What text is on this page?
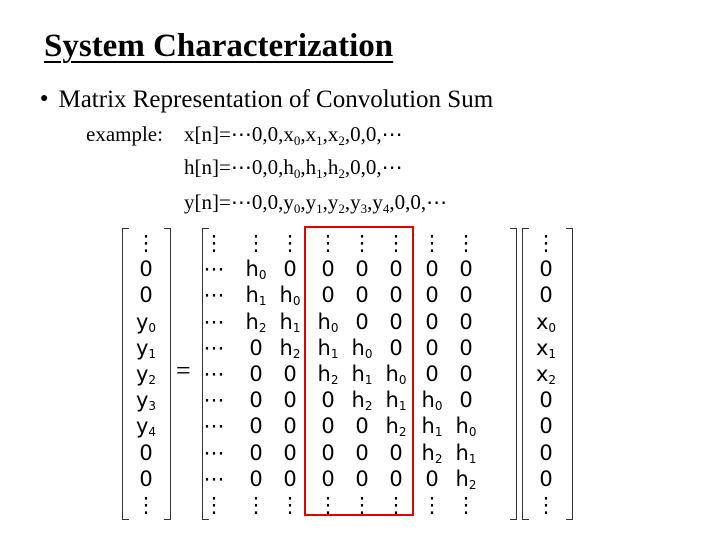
System Characterization
● Matrix Representation of Convolution Sum
example: $x[n]=\cdots 0,0,x_0,x_1,x_2,0,0,\cdots$
$h[n]=\cdots 0,0,h_0,h_1,h_2,0,0,\cdots$
$y[n]=\cdots 0,0,y_0,y_1,y_2,y_3,y_4,0,0,\cdots$
=
⋮
0
0
$y_0$
$y_1$
$y_2$
$y_3$
$y_4$
0
0
⋮
⋮	⋮ ⋮ ⋮ ⋮ ⋮ ⋮ ⋮
⋯	$h_0$ 0	0 0 0	0 0
⋯	$h_1$ $h_0$ 0 0 0	0 0
⋯	$h_2$ $h_1$ $h_0$ 0 0	0 0
⋯	0 $h_2$ $h_1$ $h_0$ 0	0 0
⋯	0 0 $h_2$ $h_1$ $h_0$ 0 0
⋯	0 0	0 $h_2$ $h_1$ $h_0$ 0
⋯	0 0	0 0 $h_2$ $h_1$ $h_0$
⋯	0 0	0 0 0 $h_2$ $h_1$
⋯	0 0	0 0 0	0 $h_2$
⋮	⋮ ⋮ ⋮ ⋮ ⋮ ⋮ ⋮
⋮
0
0
$x_0$
$x_1$
$x_2$
0
0
0
0
⋮
